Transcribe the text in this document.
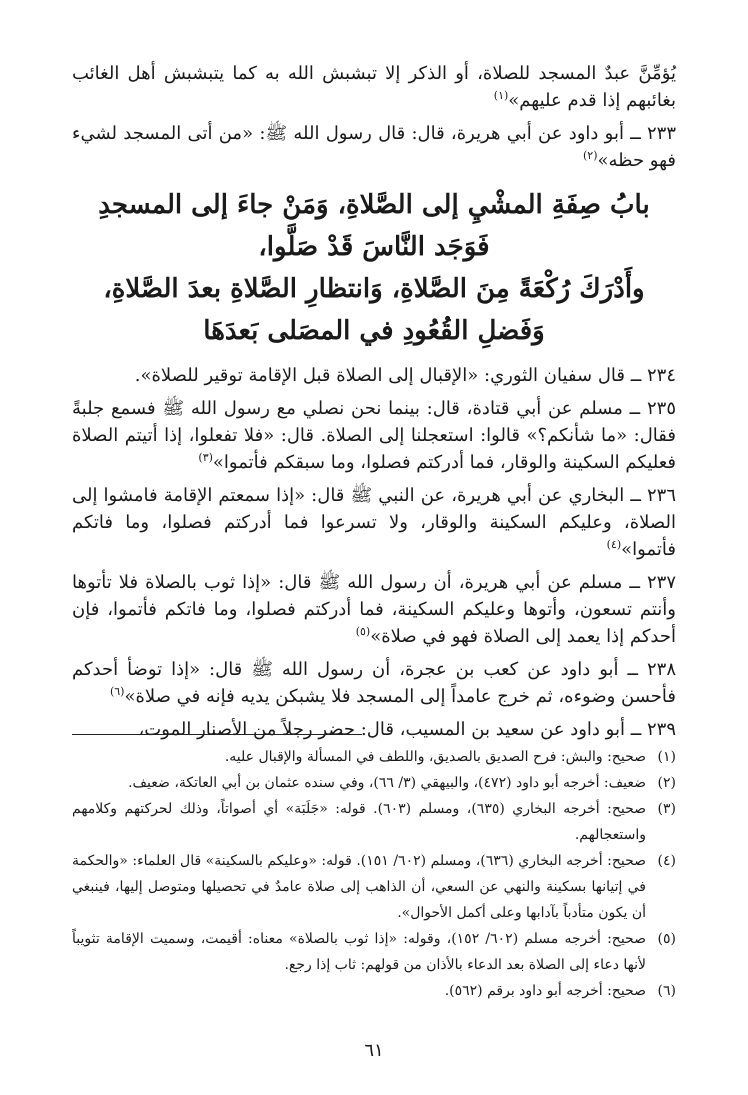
يُؤمِّنَّ عبدٌ المسجد للصلاة، أو الذكر إلا تبشبش الله به كما يتبشبش أهل الغائب بغائبهم إذا قدم عليهم»$^{(١)}$

٢٣٣ ــ أبو داود عن أبي هريرة، قال: قال رسول الله ﷺ: «من أتى المسجد لشيء فهو حظه»$^{(٢)}$

بابُ صِفَةِ المشْيِ إلى الصَّلاةِ، وَمَنْ جاءَ إلى المسجدِ فَوَجَد النَّاسَ قَدْ صَلَّوا،
وأَدْرَكَ رُكْعَةً مِنَ الصَّلاةِ، وَانتظارِ الصَّلاةِ بعدَ الصَّلاةِ،
وَفَضلِ القُعُودِ في المصَلى بَعدَهَا

٢٣٤ ــ قال سفيان الثوري: «الإقبال إلى الصلاة قبل الإقامة توقير للصلاة».

٢٣٥ ــ مسلم عن أبي قتادة، قال: بينما نحن نصلي مع رسول الله ﷺ فسمع جلبةً فقال: «ما شأنكم؟» قالوا: استعجلنا إلى الصلاة. قال: «فلا تفعلوا، إذا أتيتم الصلاة فعليكم السكينة والوقار، فما أدركتم فصلوا، وما سبقكم فأتموا»$^{(٣)}$

٢٣٦ ــ البخاري عن أبي هريرة، عن النبي ﷺ قال: «إذا سمعتم الإقامة فامشوا إلى الصلاة، وعليكم السكينة والوقار، ولا تسرعوا فما أدركتم فصلوا، وما فاتكم فأتموا»$^{(٤)}$

٢٣٧ ــ مسلم عن أبي هريرة، أن رسول الله ﷺ قال: «إذا ثوب بالصلاة فلا تأتوها وأنتم تسعون، وأتوها وعليكم السكينة، فما أدركتم فصلوا، وما فاتكم فأتموا، فإن أحدكم إذا يعمد إلى الصلاة فهو في صلاة»$^{(٥)}$

٢٣٨ ــ أبو داود عن كعب بن عجرة، أن رسول الله ﷺ قال: «إذا توضأ أحدكم فأحسن وضوءه، ثم خرج عامداً إلى المسجد فلا يشبكن يديه فإنه في صلاة»$^{(٦)}$

٢٣٩ ــ أبو داود عن سعيد بن المسيب، قال: حضر رجلاً من الأصنار الموت،

(١)
صحيح: والبش: فرح الصديق بالصديق، واللطف في المسألة والإقبال عليه.
(٢)
ضعيف: أخرجه أبو داود (٤٧٢)، والبيهقي (٣/ ٦٦)، وفي سنده عثمان بن أبي العاتكة، ضعيف.
(٣)
صحيح: أخرجه البخاري (٦٣٥)، ومسلم (٦٠٣). قوله: «جَلَبَة» أي أصواتاً، وذلك لحركتهم وكلامهم واستعجالهم.
(٤)
صحيح: أخرجه البخاري (٦٣٦)، ومسلم (٦٠٢/ ١٥١). قوله: «وعليكم بالسكينة» قال العلماء: «والحكمة في إتيانها بسكينة والنهي عن السعي، أن الذاهب إلى صلاة عامدٌ في تحصيلها ومتوصل إليها، فينبغي أن يكون متأدباً بآدابها وعلى أكمل الأحوال».
(٥)
صحيح: أخرجه مسلم (٦٠٢/ ١٥٢)، وقوله: «إذا ثوب بالصلاة» معناه: أقيمت، وسميت الإقامة تثويباً لأنها دعاء إلى الصلاة بعد الدعاء بالأذان من قولهم: ثاب إذا رجع.
(٦)
صحيح: أخرجه أبو داود برقم (٥٦٢).
٦١
